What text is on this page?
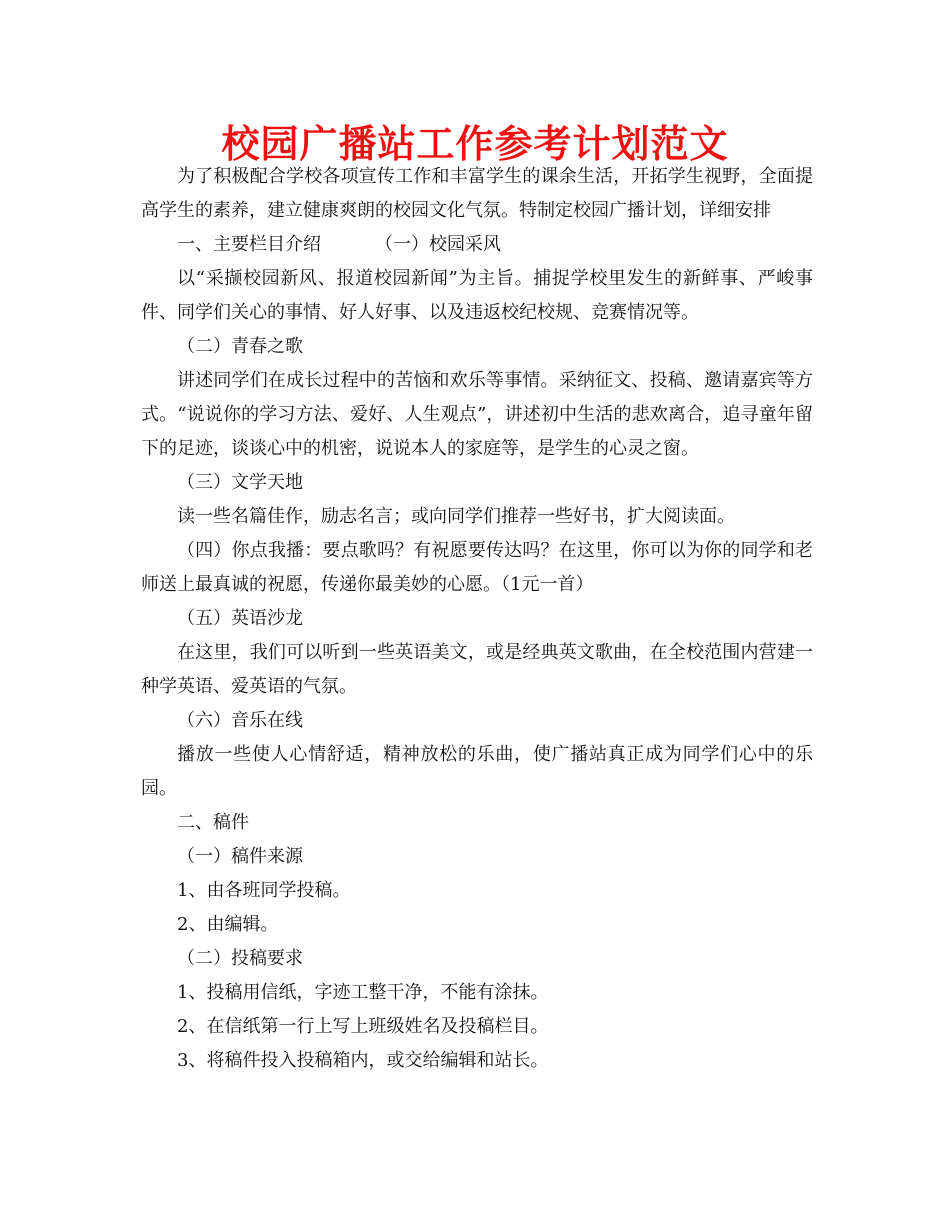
校园广播站工作参考计划范文

为了积极配合学校各项宣传工作和丰富学生的课余生活，开拓学生视野，全面提高学生的素养，建立健康爽朗的校园文化气氛。特制定校园广播计划，详细安排

一、主要栏目介绍	（一）校园采风

以“采撷校园新风、报道校园新闻”为主旨。捕捉学校里发生的新鲜事、严峻事件、同学们关心的事情、好人好事、以及违返校纪校规、竞赛情况等。

（二）青春之歌

讲述同学们在成长过程中的苦恼和欢乐等事情。采纳征文、投稿、邀请嘉宾等方式。“说说你的学习方法、爱好、人生观点”，讲述初中生活的悲欢离合，追寻童年留下的足迹，谈谈心中的机密，说说本人的家庭等，是学生的心灵之窗。

（三）文学天地

读一些名篇佳作，励志名言；或向同学们推荐一些好书，扩大阅读面。

（四）你点我播：要点歌吗？有祝愿要传达吗？在这里，你可以为你的同学和老师送上最真诚的祝愿，传递你最美妙的心愿。（1元一首）

（五）英语沙龙

在这里，我们可以听到一些英语美文，或是经典英文歌曲，在全校范围内营建一种学英语、爱英语的气氛。

（六）音乐在线

播放一些使人心情舒适，精神放松的乐曲，使广播站真正成为同学们心中的乐园。

二、稿件

（一）稿件来源

1、由各班同学投稿。

2、由编辑。

（二）投稿要求

1、投稿用信纸，字迹工整干净，不能有涂抹。

2、在信纸第一行上写上班级姓名及投稿栏目。

3、将稿件投入投稿箱内，或交给编辑和站长。
